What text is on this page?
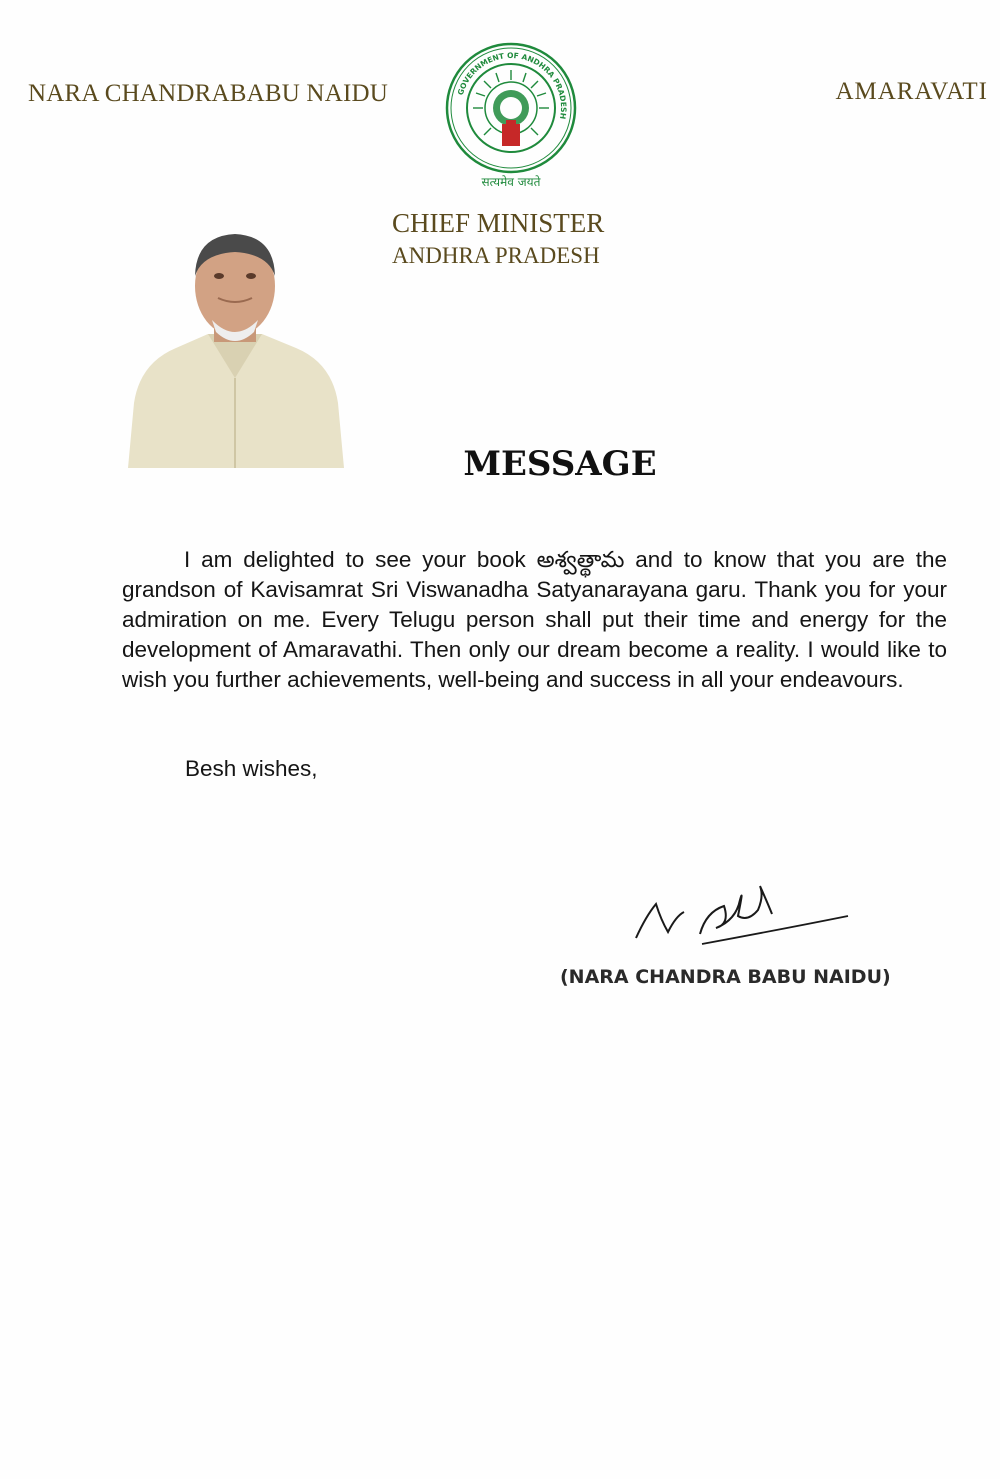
NARA CHANDRABABU NAIDU	AMARAVATI
GOVERNMENT OF ANDHRA PRADESH
सत्यमेव जयते
CHIEF MINISTER
ANDHRA PRADESH
MESSAGE
I am delighted to see your book అశ్వత్థామ and to know that you are the grandson of Kavisamrat Sri Viswanadha Satyanarayana garu. Thank you for your admiration on me. Every Telugu person shall put their time and energy for the development of Amaravathi. Then only our dream become a reality. I would like to wish you further achievements, well-being and success in all your endeavours.
Besh wishes,
(NARA CHANDRA BABU NAIDU)
